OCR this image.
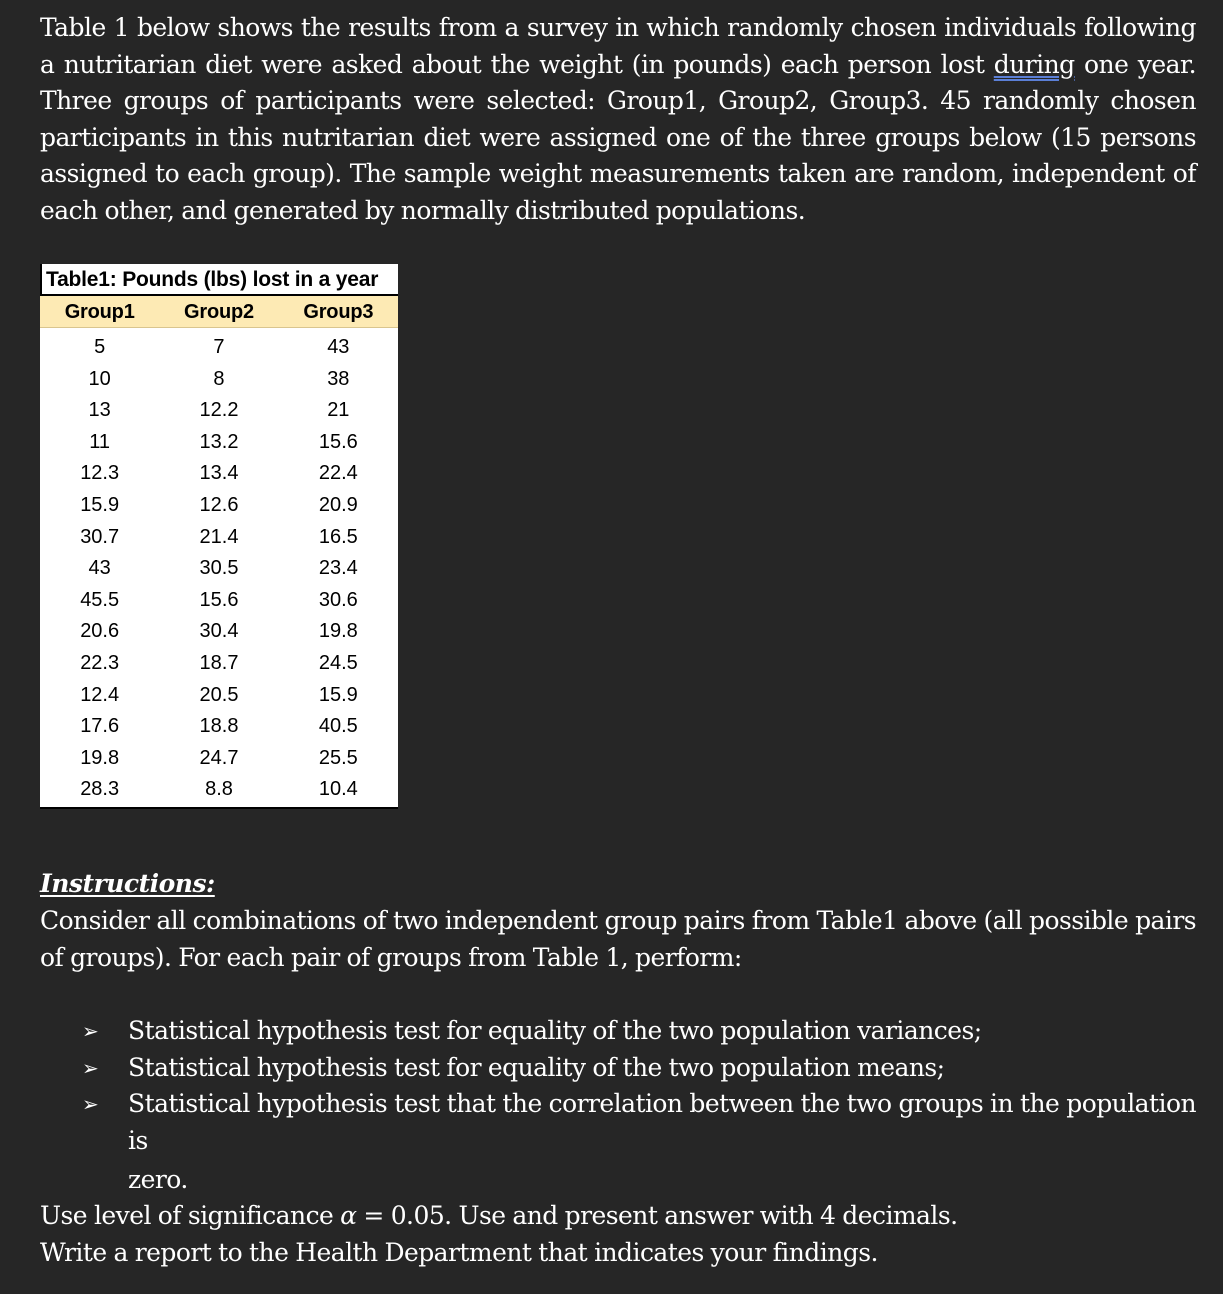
Table 1 below shows the results from a survey in which randomly chosen individuals following a nutritarian diet were asked about the weight (in pounds) each person lost during one year. Three groups of participants were selected: Group1, Group2, Group3. 45 randomly chosen participants in this nutritarian diet were assigned one of the three groups below (15 persons assigned to each group). The sample weight measurements taken are random, independent of each other, and generated by normally distributed populations.
Table1: Pounds (lbs) lost in a year
Group1	Group2	Group3
5	7	43
10	8	38
13	12.2	21
11	13.2	15.6
12.3	13.4	22.4
15.9	12.6	20.9
30.7	21.4	16.5
43	30.5	23.4
45.5	15.6	30.6
20.6	30.4	19.8
22.3	18.7	24.5
12.4	20.5	15.9
17.6	18.8	40.5
19.8	24.7	25.5
28.3	8.8	10.4
Instructions:
Consider all combinations of two independent group pairs from Table1 above (all possible pairs of groups). For each pair of groups from Table 1, perform:
➢ Statistical hypothesis test for equality of the two population variances;
➢ Statistical hypothesis test for equality of the two population means;
➢ Statistical hypothesis test that the correlation between the two groups in the population is
zero.
Use level of significance α = 0.05. Use and present answer with 4 decimals.
Write a report to the Health Department that indicates your findings.
